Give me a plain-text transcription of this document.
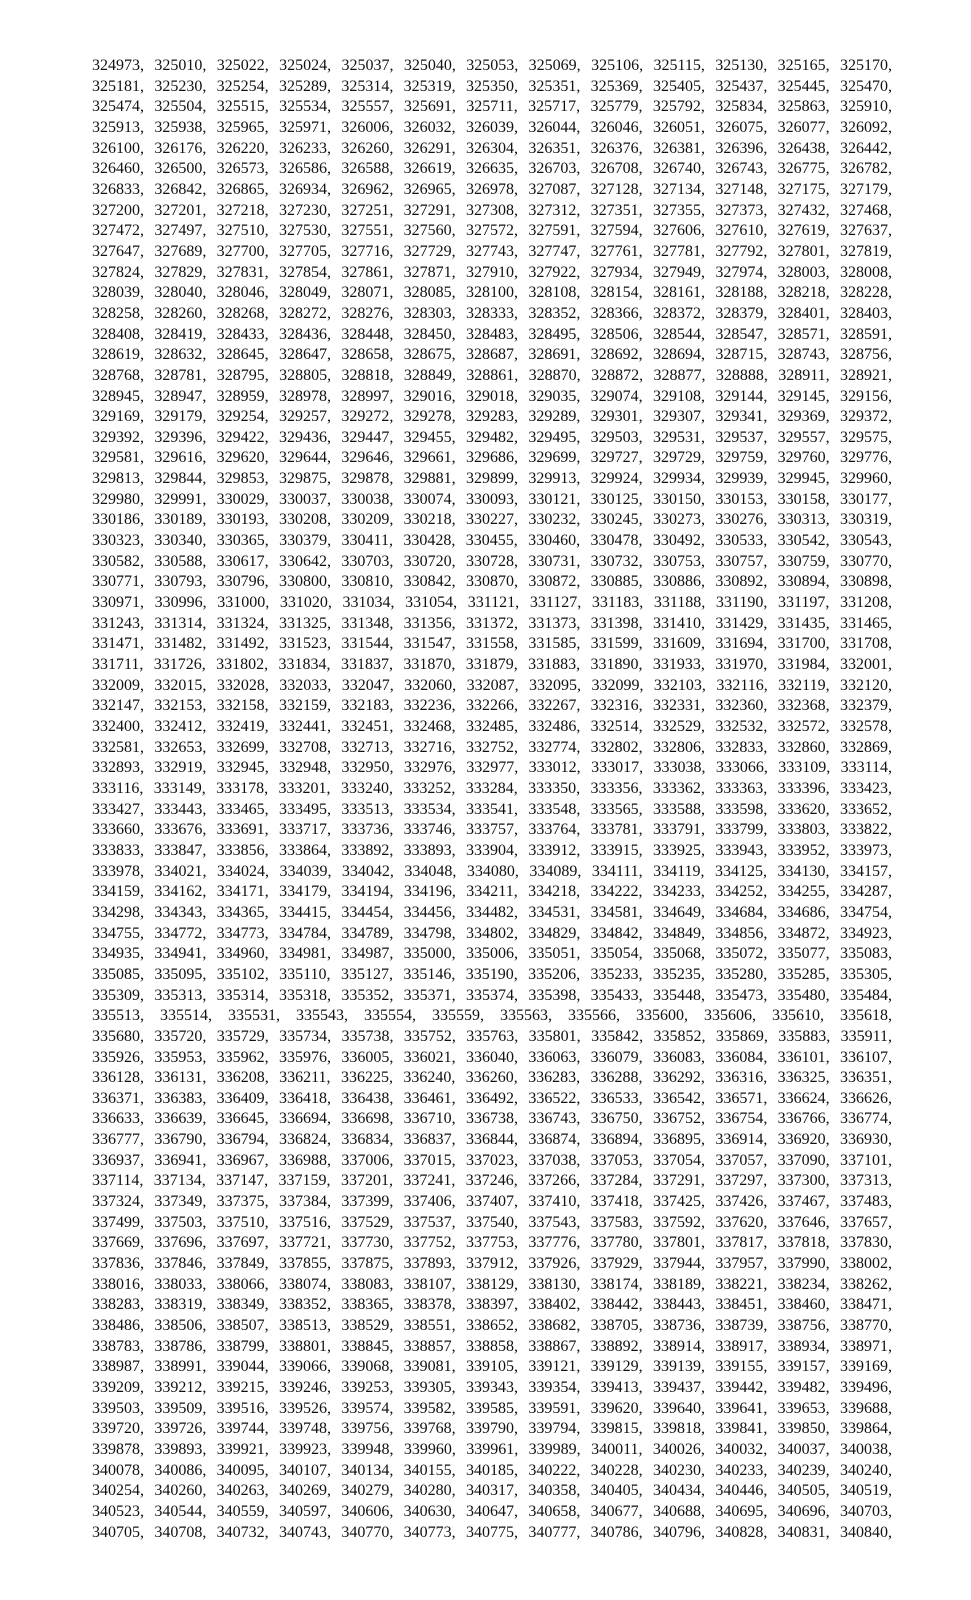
324973, 325010, 325022, 325024, 325037, 325040, 325053, 325069, 325106, 325115, 325130, 325165, 325170,
325181, 325230, 325254, 325289, 325314, 325319, 325350, 325351, 325369, 325405, 325437, 325445, 325470,
325474, 325504, 325515, 325534, 325557, 325691, 325711, 325717, 325779, 325792, 325834, 325863, 325910,
325913, 325938, 325965, 325971, 326006, 326032, 326039, 326044, 326046, 326051, 326075, 326077, 326092,
326100, 326176, 326220, 326233, 326260, 326291, 326304, 326351, 326376, 326381, 326396, 326438, 326442,
326460, 326500, 326573, 326586, 326588, 326619, 326635, 326703, 326708, 326740, 326743, 326775, 326782,
326833, 326842, 326865, 326934, 326962, 326965, 326978, 327087, 327128, 327134, 327148, 327175, 327179,
327200, 327201, 327218, 327230, 327251, 327291, 327308, 327312, 327351, 327355, 327373, 327432, 327468,
327472, 327497, 327510, 327530, 327551, 327560, 327572, 327591, 327594, 327606, 327610, 327619, 327637,
327647, 327689, 327700, 327705, 327716, 327729, 327743, 327747, 327761, 327781, 327792, 327801, 327819,
327824, 327829, 327831, 327854, 327861, 327871, 327910, 327922, 327934, 327949, 327974, 328003, 328008,
328039, 328040, 328046, 328049, 328071, 328085, 328100, 328108, 328154, 328161, 328188, 328218, 328228,
328258, 328260, 328268, 328272, 328276, 328303, 328333, 328352, 328366, 328372, 328379, 328401, 328403,
328408, 328419, 328433, 328436, 328448, 328450, 328483, 328495, 328506, 328544, 328547, 328571, 328591,
328619, 328632, 328645, 328647, 328658, 328675, 328687, 328691, 328692, 328694, 328715, 328743, 328756,
328768, 328781, 328795, 328805, 328818, 328849, 328861, 328870, 328872, 328877, 328888, 328911, 328921,
328945, 328947, 328959, 328978, 328997, 329016, 329018, 329035, 329074, 329108, 329144, 329145, 329156,
329169, 329179, 329254, 329257, 329272, 329278, 329283, 329289, 329301, 329307, 329341, 329369, 329372,
329392, 329396, 329422, 329436, 329447, 329455, 329482, 329495, 329503, 329531, 329537, 329557, 329575,
329581, 329616, 329620, 329644, 329646, 329661, 329686, 329699, 329727, 329729, 329759, 329760, 329776,
329813, 329844, 329853, 329875, 329878, 329881, 329899, 329913, 329924, 329934, 329939, 329945, 329960,
329980, 329991, 330029, 330037, 330038, 330074, 330093, 330121, 330125, 330150, 330153, 330158, 330177,
330186, 330189, 330193, 330208, 330209, 330218, 330227, 330232, 330245, 330273, 330276, 330313, 330319,
330323, 330340, 330365, 330379, 330411, 330428, 330455, 330460, 330478, 330492, 330533, 330542, 330543,
330582, 330588, 330617, 330642, 330703, 330720, 330728, 330731, 330732, 330753, 330757, 330759, 330770,
330771, 330793, 330796, 330800, 330810, 330842, 330870, 330872, 330885, 330886, 330892, 330894, 330898,
330971, 330996, 331000, 331020, 331034, 331054, 331121, 331127, 331183, 331188, 331190, 331197, 331208,
331243, 331314, 331324, 331325, 331348, 331356, 331372, 331373, 331398, 331410, 331429, 331435, 331465,
331471, 331482, 331492, 331523, 331544, 331547, 331558, 331585, 331599, 331609, 331694, 331700, 331708,
331711, 331726, 331802, 331834, 331837, 331870, 331879, 331883, 331890, 331933, 331970, 331984, 332001,
332009, 332015, 332028, 332033, 332047, 332060, 332087, 332095, 332099, 332103, 332116, 332119, 332120,
332147, 332153, 332158, 332159, 332183, 332236, 332266, 332267, 332316, 332331, 332360, 332368, 332379,
332400, 332412, 332419, 332441, 332451, 332468, 332485, 332486, 332514, 332529, 332532, 332572, 332578,
332581, 332653, 332699, 332708, 332713, 332716, 332752, 332774, 332802, 332806, 332833, 332860, 332869,
332893, 332919, 332945, 332948, 332950, 332976, 332977, 333012, 333017, 333038, 333066, 333109, 333114,
333116, 333149, 333178, 333201, 333240, 333252, 333284, 333350, 333356, 333362, 333363, 333396, 333423,
333427, 333443, 333465, 333495, 333513, 333534, 333541, 333548, 333565, 333588, 333598, 333620, 333652,
333660, 333676, 333691, 333717, 333736, 333746, 333757, 333764, 333781, 333791, 333799, 333803, 333822,
333833, 333847, 333856, 333864, 333892, 333893, 333904, 333912, 333915, 333925, 333943, 333952, 333973,
333978, 334021, 334024, 334039, 334042, 334048, 334080, 334089, 334111, 334119, 334125, 334130, 334157,
334159, 334162, 334171, 334179, 334194, 334196, 334211, 334218, 334222, 334233, 334252, 334255, 334287,
334298, 334343, 334365, 334415, 334454, 334456, 334482, 334531, 334581, 334649, 334684, 334686, 334754,
334755, 334772, 334773, 334784, 334789, 334798, 334802, 334829, 334842, 334849, 334856, 334872, 334923,
334935, 334941, 334960, 334981, 334987, 335000, 335006, 335051, 335054, 335068, 335072, 335077, 335083,
335085, 335095, 335102, 335110, 335127, 335146, 335190, 335206, 335233, 335235, 335280, 335285, 335305,
335309, 335313, 335314, 335318, 335352, 335371, 335374, 335398, 335433, 335448, 335473, 335480, 335484,
335513, 335514, 335531, 335543, 335554, 335559, 335563, 335566, 335600, 335606, 335610, 335618,
335680, 335720, 335729, 335734, 335738, 335752, 335763, 335801, 335842, 335852, 335869, 335883, 335911,
335926, 335953, 335962, 335976, 336005, 336021, 336040, 336063, 336079, 336083, 336084, 336101, 336107,
336128, 336131, 336208, 336211, 336225, 336240, 336260, 336283, 336288, 336292, 336316, 336325, 336351,
336371, 336383, 336409, 336418, 336438, 336461, 336492, 336522, 336533, 336542, 336571, 336624, 336626,
336633, 336639, 336645, 336694, 336698, 336710, 336738, 336743, 336750, 336752, 336754, 336766, 336774,
336777, 336790, 336794, 336824, 336834, 336837, 336844, 336874, 336894, 336895, 336914, 336920, 336930,
336937, 336941, 336967, 336988, 337006, 337015, 337023, 337038, 337053, 337054, 337057, 337090, 337101,
337114, 337134, 337147, 337159, 337201, 337241, 337246, 337266, 337284, 337291, 337297, 337300, 337313,
337324, 337349, 337375, 337384, 337399, 337406, 337407, 337410, 337418, 337425, 337426, 337467, 337483,
337499, 337503, 337510, 337516, 337529, 337537, 337540, 337543, 337583, 337592, 337620, 337646, 337657,
337669, 337696, 337697, 337721, 337730, 337752, 337753, 337776, 337780, 337801, 337817, 337818, 337830,
337836, 337846, 337849, 337855, 337875, 337893, 337912, 337926, 337929, 337944, 337957, 337990, 338002,
338016, 338033, 338066, 338074, 338083, 338107, 338129, 338130, 338174, 338189, 338221, 338234, 338262,
338283, 338319, 338349, 338352, 338365, 338378, 338397, 338402, 338442, 338443, 338451, 338460, 338471,
338486, 338506, 338507, 338513, 338529, 338551, 338652, 338682, 338705, 338736, 338739, 338756, 338770,
338783, 338786, 338799, 338801, 338845, 338857, 338858, 338867, 338892, 338914, 338917, 338934, 338971,
338987, 338991, 339044, 339066, 339068, 339081, 339105, 339121, 339129, 339139, 339155, 339157, 339169,
339209, 339212, 339215, 339246, 339253, 339305, 339343, 339354, 339413, 339437, 339442, 339482, 339496,
339503, 339509, 339516, 339526, 339574, 339582, 339585, 339591, 339620, 339640, 339641, 339653, 339688,
339720, 339726, 339744, 339748, 339756, 339768, 339790, 339794, 339815, 339818, 339841, 339850, 339864,
339878, 339893, 339921, 339923, 339948, 339960, 339961, 339989, 340011, 340026, 340032, 340037, 340038,
340078, 340086, 340095, 340107, 340134, 340155, 340185, 340222, 340228, 340230, 340233, 340239, 340240,
340254, 340260, 340263, 340269, 340279, 340280, 340317, 340358, 340405, 340434, 340446, 340505, 340519,
340523, 340544, 340559, 340597, 340606, 340630, 340647, 340658, 340677, 340688, 340695, 340696, 340703,
340705, 340708, 340732, 340743, 340770, 340773, 340775, 340777, 340786, 340796, 340828, 340831, 340840,
